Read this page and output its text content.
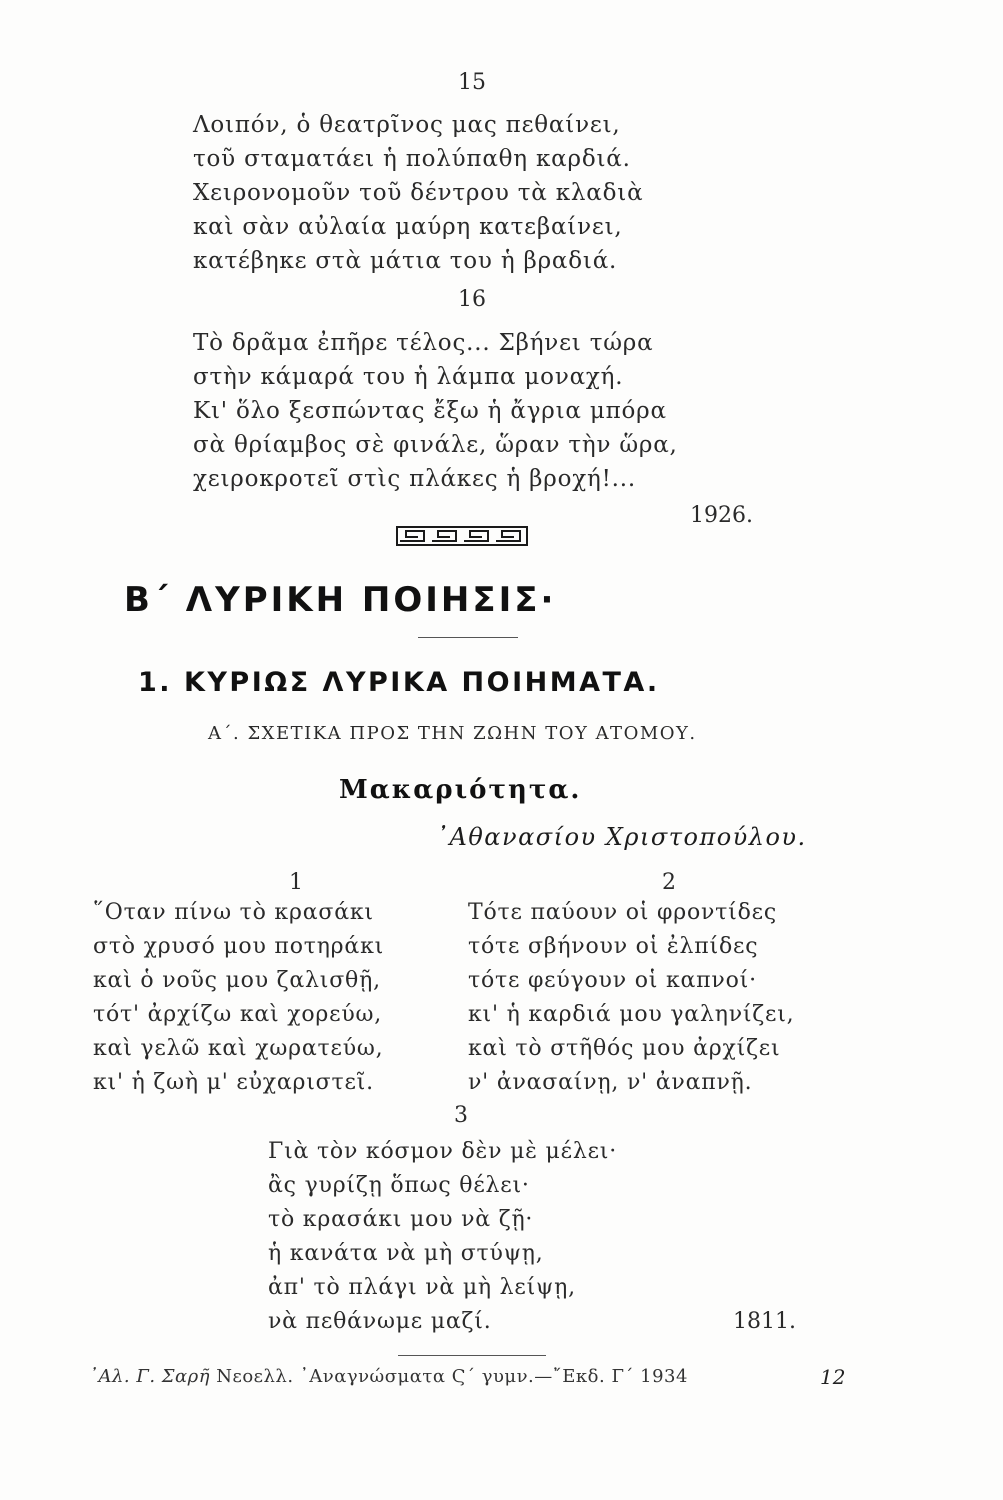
15
Λοιπόν, ὁ θεατρῖνος μας πεθαίνει,
τοῦ σταματάει ἡ πολύπαθη καρδιά.
Χειρονομοῦν τοῦ δέντρου τὰ κλαδιὰ
καὶ σὰν αὐλαία μαύρη κατεβαίνει,
κατέβηκε στὰ μάτια του ἡ βραδιά.
16
Τὸ δρᾶμα ἐπῆρε τέλος... Σβήνει τώρα
στὴν κάμαρά του ἡ λάμπα μοναχή.
Κι' ὅλο ξεσπώντας ἔξω ἡ ἄγρια μπόρα
σὰ θρίαμβος σὲ φινάλε, ὥραν τὴν ὥρα,
χειροκροτεῖ στὶς πλάκες ἡ βροχή!...
1926.
Β΄ ΛΥΡΙΚΗ ΠΟΙΗΣΙΣ·
1. ΚΥΡΙΩΣ ΛΥΡΙΚΑ ΠΟΙΗΜΑΤΑ.
Α΄. ΣΧΕΤΙΚΑ ΠΡΟΣ ΤΗΝ ΖΩΗΝ ΤΟΥ ΑΤΟΜΟΥ.
Μακαριότητα.
᾿Αθανασίου Χριστοπούλου.
1	2
῞Οταν πίνω τὸ κρασάκι
στὸ χρυσό μου ποτηράκι
καὶ ὁ νοῦς μου ζαλισθῇ,
τότ' ἀρχίζω καὶ χορεύω,
καὶ γελῶ καὶ χωρατεύω,
κι' ἡ ζωὴ μ' εὐχαριστεῖ.
Τότε παύουν οἱ φροντίδες
τότε σβήνουν οἱ ἐλπίδες
τότε φεύγουν οἱ καπνοί·
κι' ἡ καρδιά μου γαληνίζει,
καὶ τὸ στῆθός μου ἀρχίζει
ν' ἀνασαίνῃ, ν' ἀναπνῇ.
3
Γιὰ τὸν κόσμον δὲν μὲ μέλει·
ἂς γυρίζῃ ὅπως θέλει·
τὸ κρασάκι μου νὰ ζῇ·
ἡ κανάτα νὰ μὴ στύψῃ,
ἀπ' τὸ πλάγι νὰ μὴ λείψῃ,
νὰ πεθάνωμε μαζί.	1811.
᾿Αλ. Γ. Σαρῆ Νεοελλ. ᾿Αναγνώσματα Ϛ΄ γυμν.—῎Εκδ. Γ΄ 1934	12
